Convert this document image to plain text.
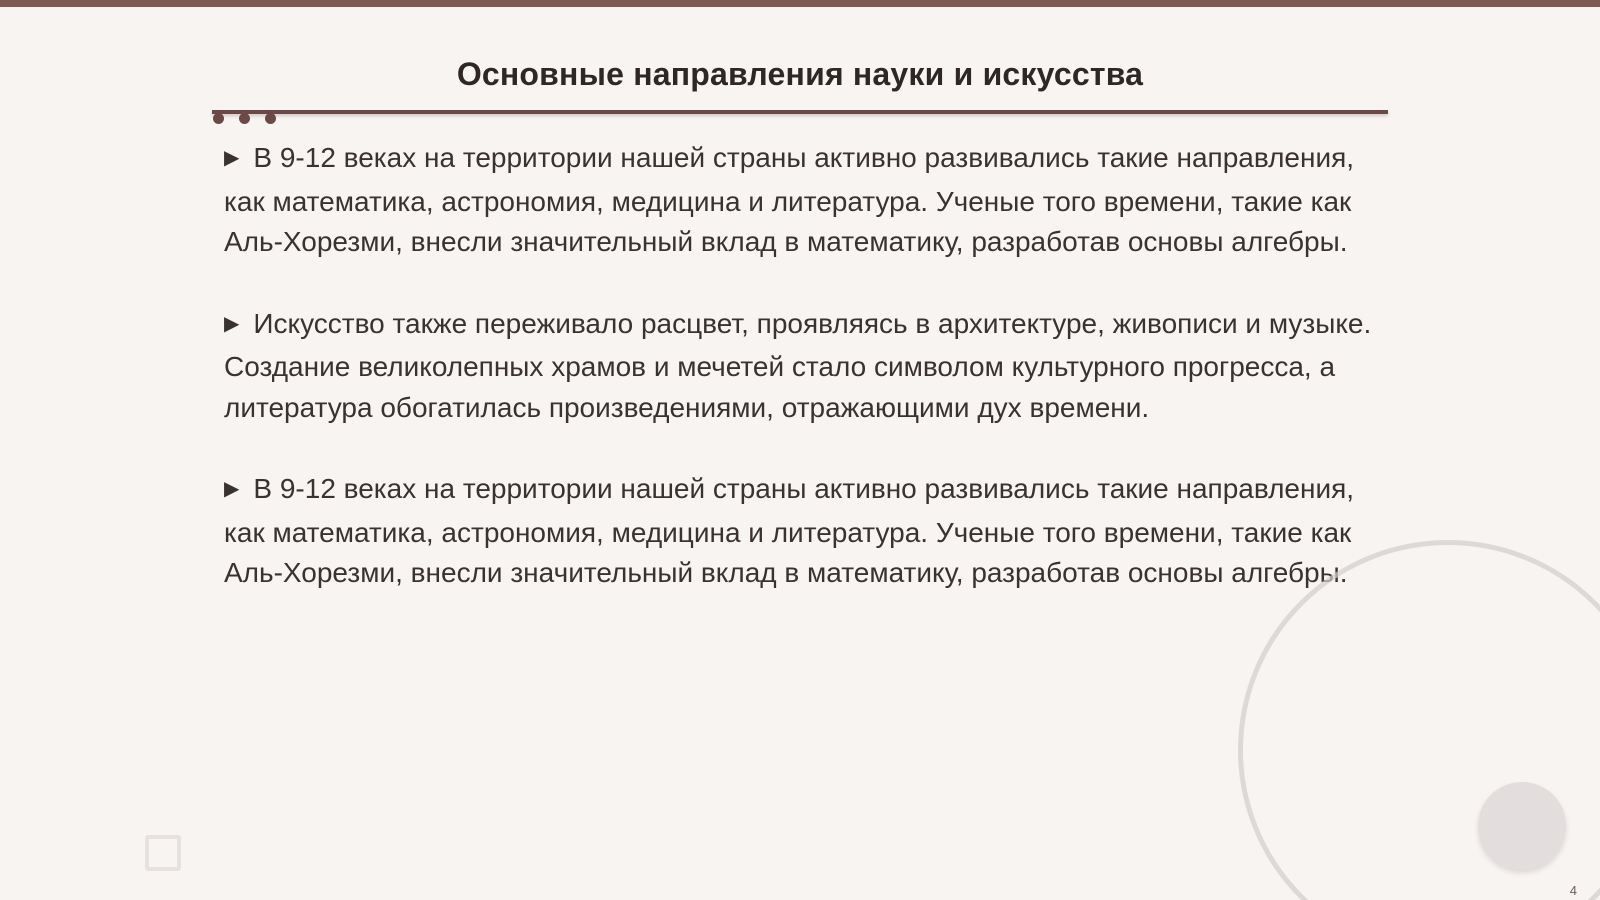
Основные направления науки и искусства

▶ В 9-12 веках на территории нашей страны активно развивались такие направления, как математика, астрономия, медицина и литература. Ученые того времени, такие как Аль-Хорезми, внесли значительный вклад в математику, разработав основы алгебры.

▶ Искусство также переживало расцвет, проявляясь в архитектуре, живописи и музыке. Создание великолепных храмов и мечетей стало символом культурного прогресса, а литература обогатилась произведениями, отражающими дух времени.

▶ В 9-12 веках на территории нашей страны активно развивались такие направления, как математика, астрономия, медицина и литература. Ученые того времени, такие как Аль-Хорезми, внесли значительный вклад в математику, разработав основы алгебры.

4
